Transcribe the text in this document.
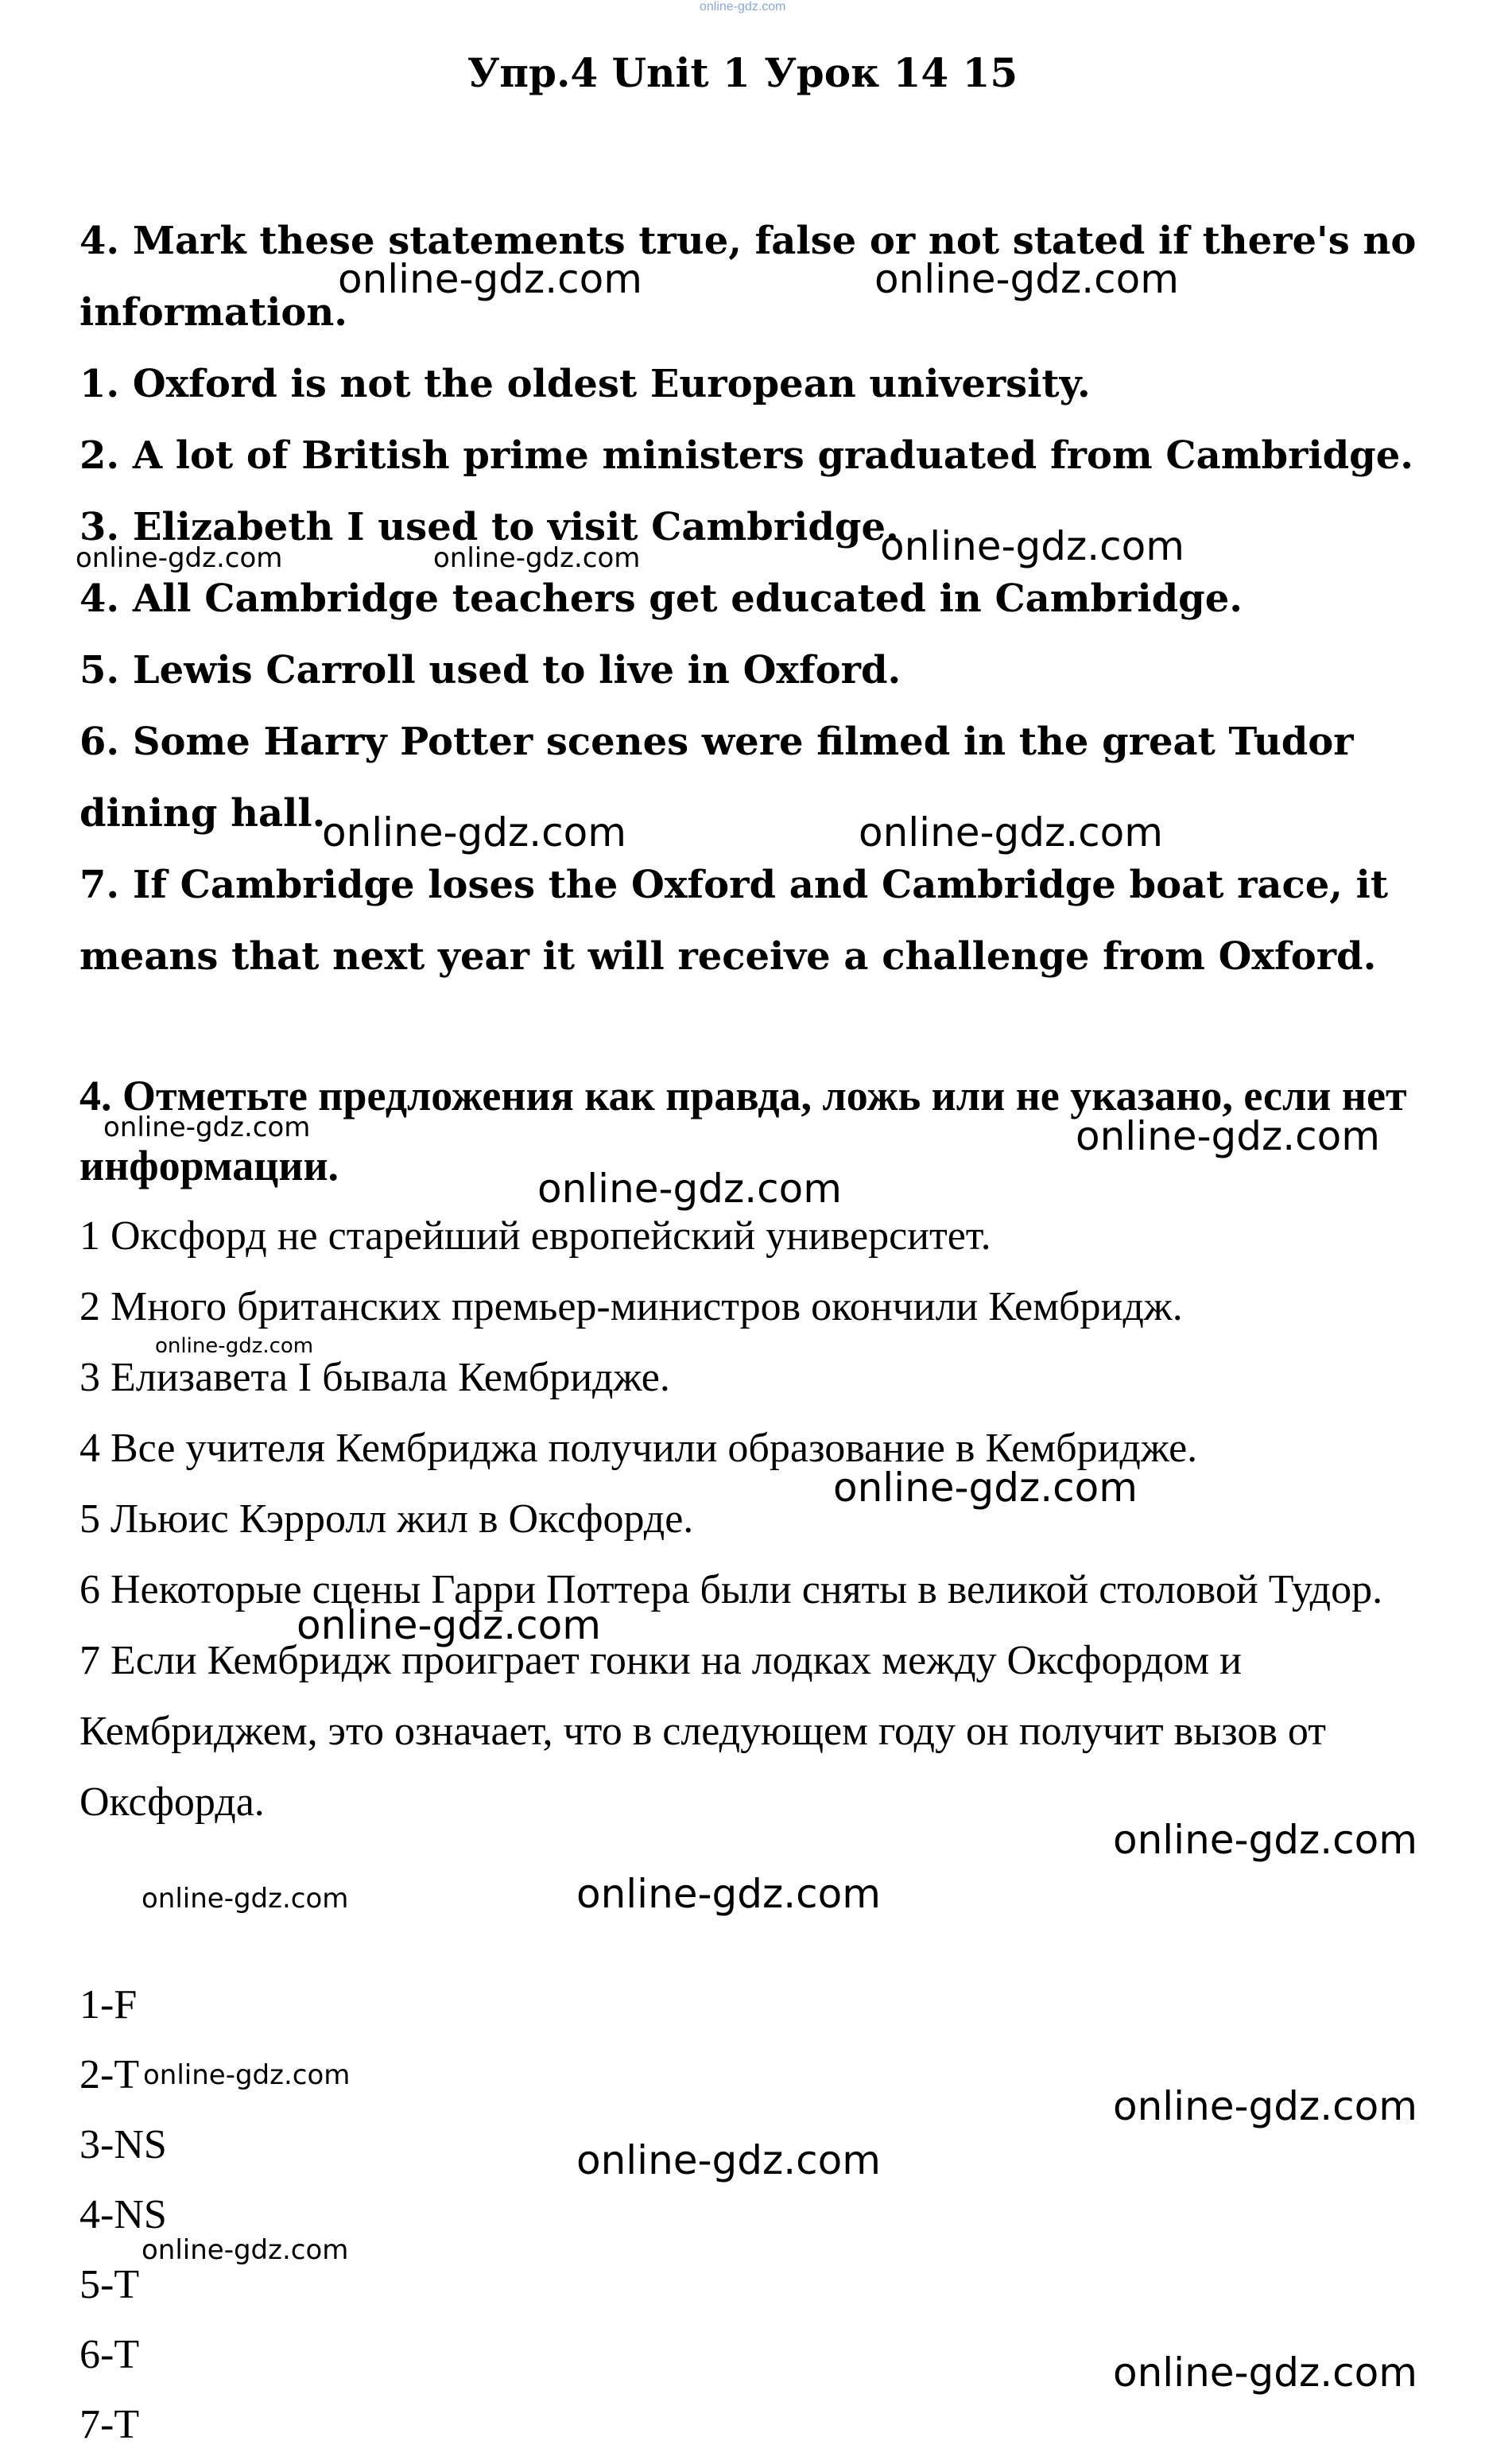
online-gdz.com
Упр.4 Unit 1 Урок 14 15

4. Mark these statements true, false or not stated if there's no information.

1. Oxford is not the oldest European university.

2. A lot of British prime ministers graduated from Cambridge.

3. Elizabeth I used to visit Cambridge.

4. All Cambridge teachers get educated in Cambridge.

5. Lewis Carroll used to live in Oxford.

6. Some Harry Potter scenes were filmed in the great Tudor dining hall.

7. If Cambridge loses the Oxford and Cambridge boat race, it means that next year it will receive a challenge from Oxford.

4. Отметьте предложения как правда, ложь или не указано, если нет информации.

1 Оксфорд не старейший европейский университет.

2 Много британских премьер-министров окончили Кембридж.

3 Елизавета I бывала Кембридже.

4 Все учителя Кембриджа получили образование в Кембридже.

5 Льюис Кэрролл жил в Оксфорде.

6 Некоторые сцены Гарри Поттера были сняты в великой столовой Тудор.

7 Если Кембридж проиграет гонки на лодках между Оксфордом и Кембриджем, это означает, что в следующем году он получит вызов от Оксфорда.

1-F

2-T

3-NS

4-NS

5-T

6-T

7-T

online-gdz.com	online-gdz.com
online-gdz.com	online-gdz.com	online-gdz.com
online-gdz.com	online-gdz.com
online-gdz.com	online-gdz.com
online-gdz.com
online-gdz.com
online-gdz.com
online-gdz.com
online-gdz.com
online-gdz.com	online-gdz.com
online-gdz.com
online-gdz.com
online-gdz.com
online-gdz.com
online-gdz.com
